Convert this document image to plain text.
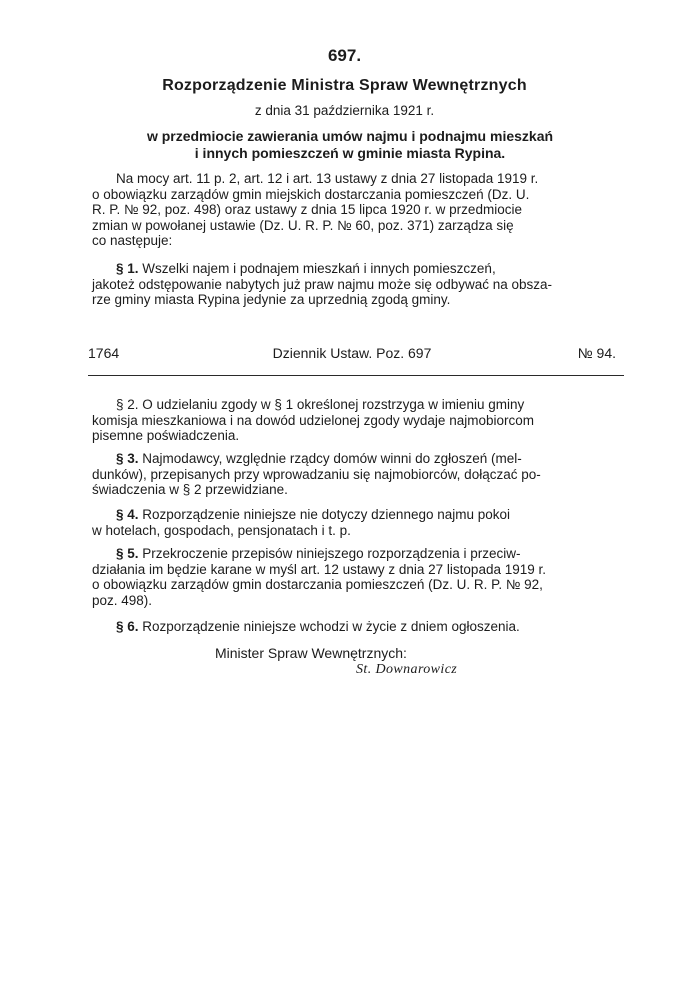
697.
Rozporządzenie Ministra Spraw Wewnętrznych
z dnia 31 października 1921 r.
w przedmiocie zawierania umów najmu i podnajmu mieszkań
i innych pomieszczeń w gminie miasta Rypina.
Na mocy art. 11 p. 2, art. 12 i art. 13 ustawy z dnia 27 listopada 1919 r.
o obowiązku zarządów gmin miejskich dostarczania pomieszczeń (Dz. U.
R. P. № 92, poz. 498) oraz ustawy z dnia 15 lipca 1920 r. w przedmiocie
zmian w powołanej ustawie (Dz. U. R. P. № 60, poz. 371) zarządza się
co następuje:
§ 1. Wszelki najem i podnajem mieszkań i innych pomieszczeń,
jakoteż odstępowanie nabytych już praw najmu może się odbywać na obsza-
rze gminy miasta Rypina jedynie za uprzednią zgodą gminy.
1764	Dziennik Ustaw. Poz. 697	№ 94.
§ 2. O udzielaniu zgody w § 1 określonej rozstrzyga w imieniu gminy
komisja mieszkaniowa i na dowód udzielonej zgody wydaje najmobiorcom
pisemne poświadczenia.
§ 3. Najmodawcy, względnie rządcy domów winni do zgłoszeń (mel-
dunków), przepisanych przy wprowadzaniu się najmobiorców, dołączać po-
świadczenia w § 2 przewidziane.
§ 4. Rozporządzenie niniejsze nie dotyczy dziennego najmu pokoi
w hotelach, gospodach, pensjonatach i t. p.
§ 5. Przekroczenie przepisów niniejszego rozporządzenia i przeciw-
działania im będzie karane w myśl art. 12 ustawy z dnia 27 listopada 1919 r.
o obowiązku zarządów gmin dostarczania pomieszczeń (Dz. U. R. P. № 92,
poz. 498).
§ 6. Rozporządzenie niniejsze wchodzi w życie z dniem ogłoszenia.
Minister Spraw Wewnętrznych:
St. Downarowicz
